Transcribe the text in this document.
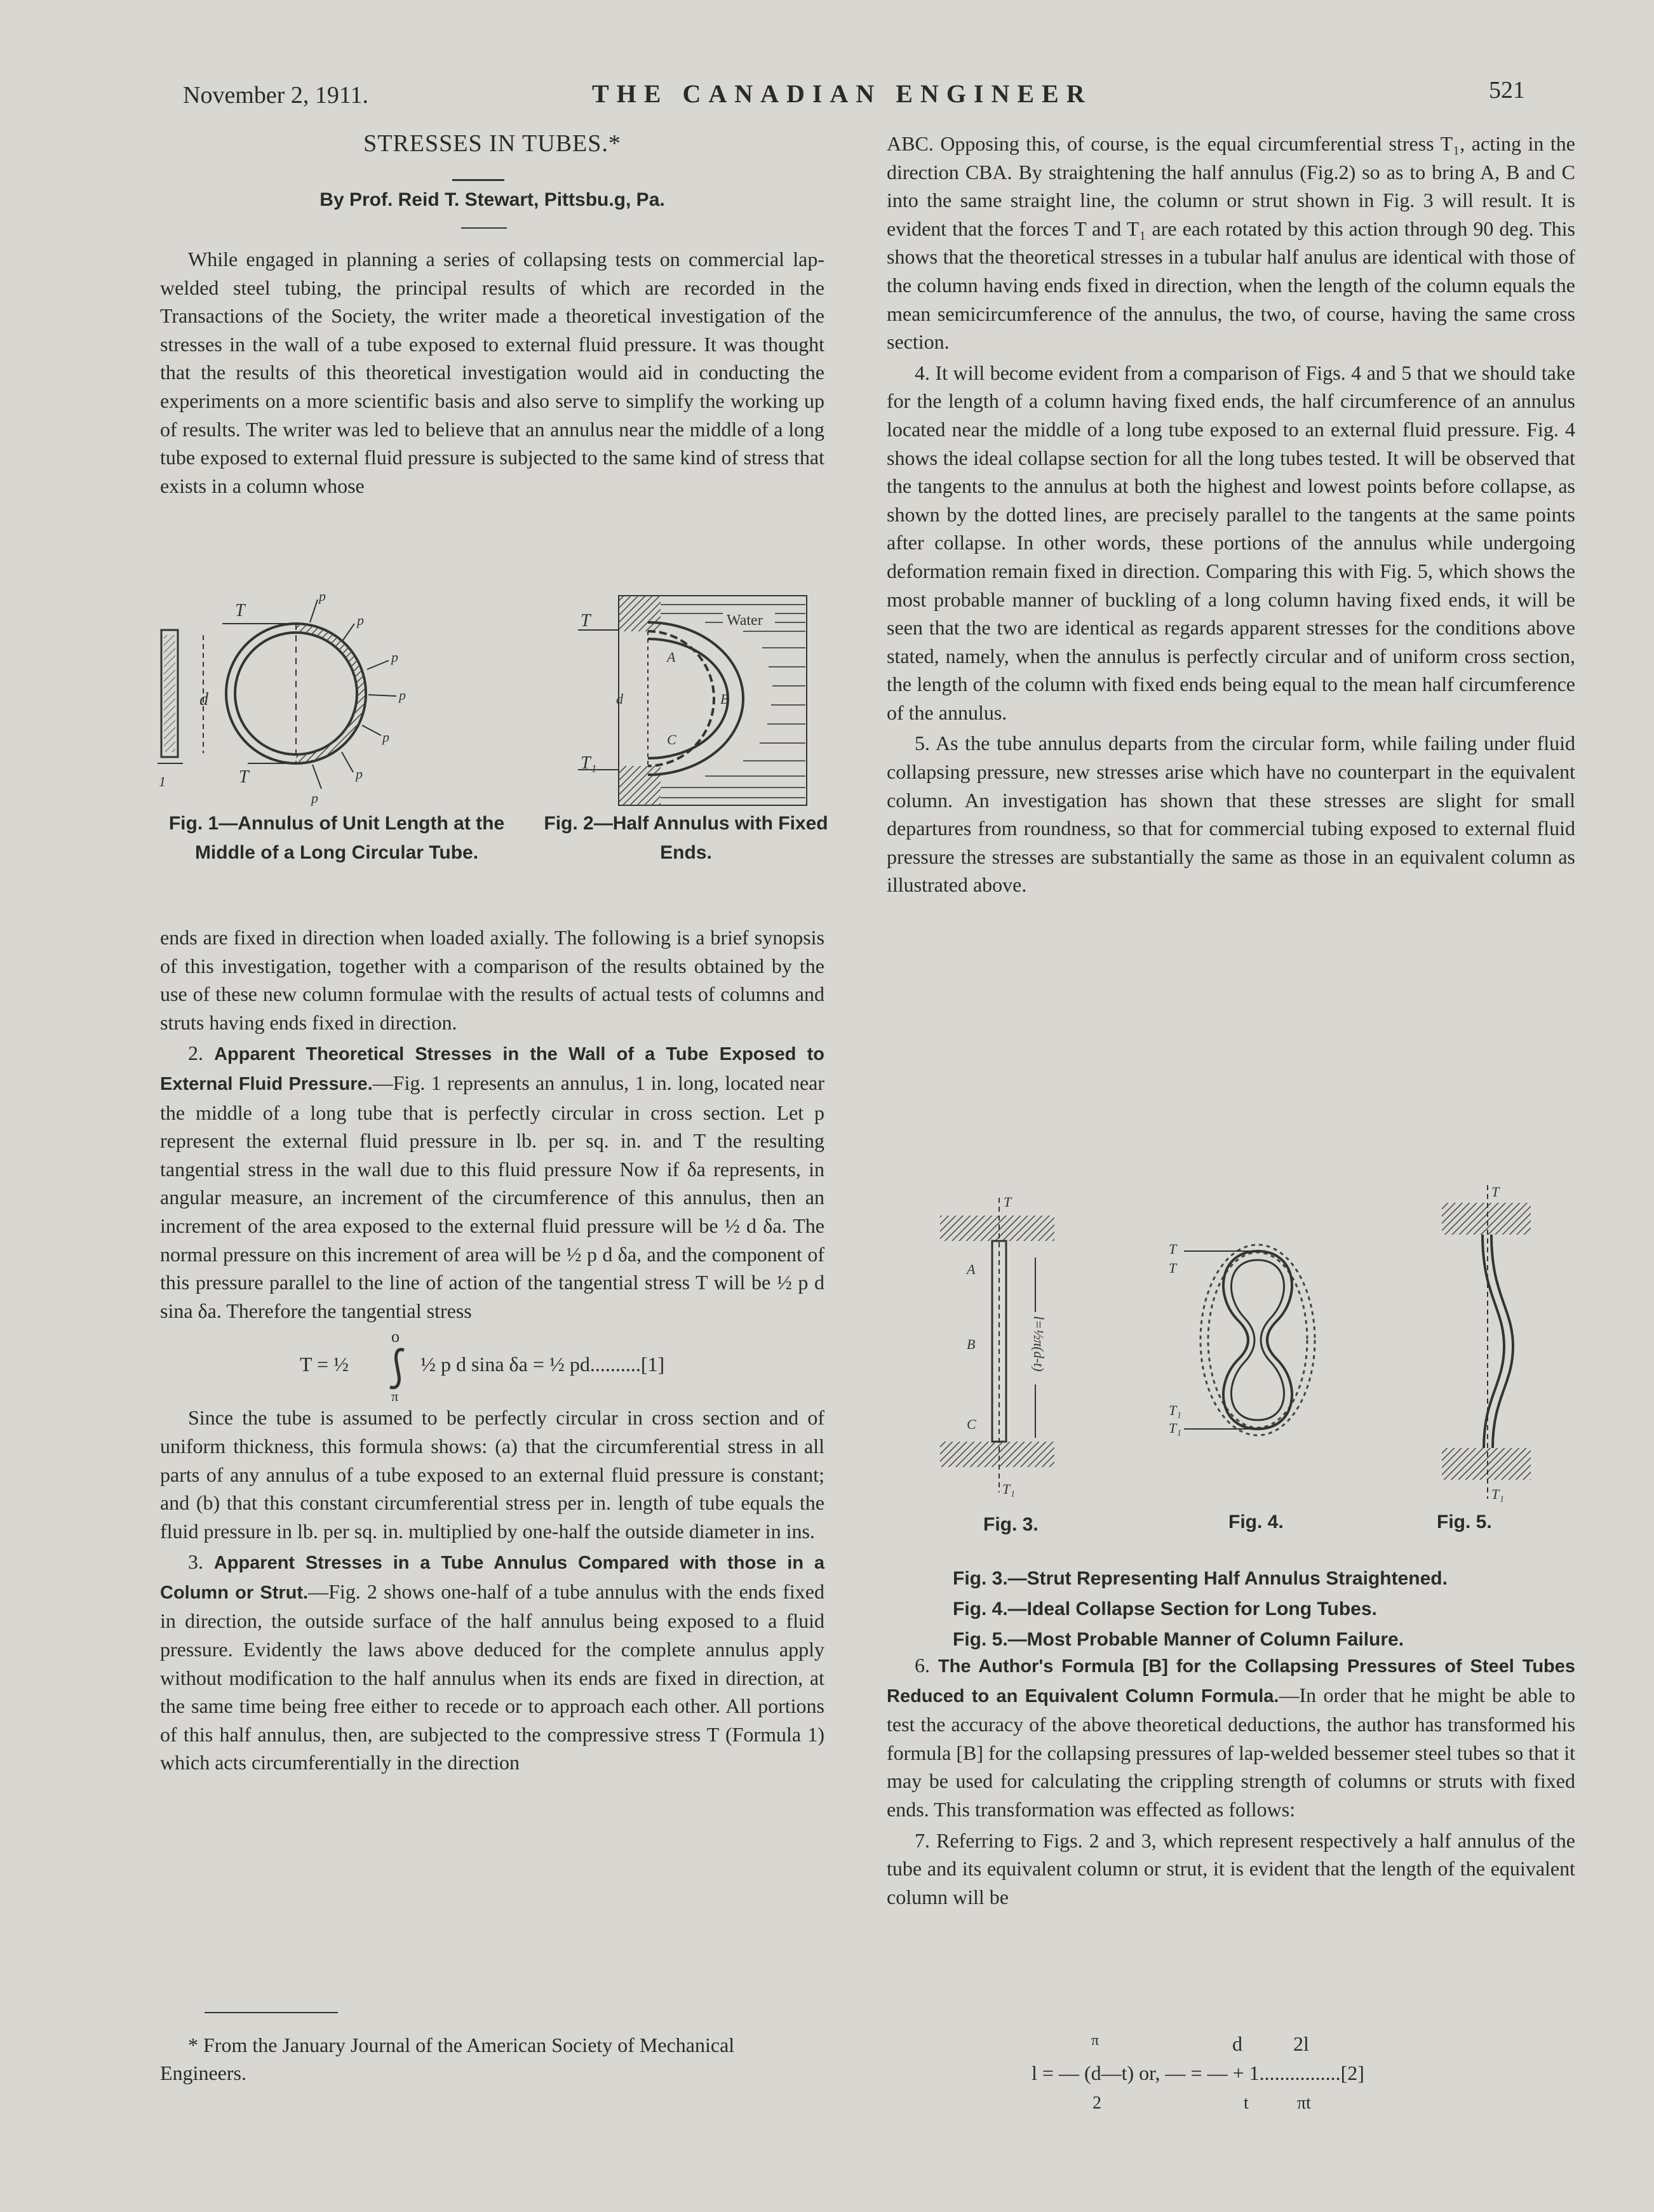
November 2, 1911.	THE CANADIAN ENGINEER	521
STRESSES IN TUBES.*
By Prof. Reid T. Stewart, Pittsbu.g, Pa.

While engaged in planning a series of collapsing tests on commercial lap-welded steel tubing, the principal results of which are recorded in the Transactions of the Society, the writer made a theoretical investigation of the stresses in the wall of a tube exposed to external fluid pressure. It was thought that the results of this theoretical investigation would aid in conducting the experiments on a more scientific basis and also serve to simplify the working up of results. The writer was led to believe that an annulus near the middle of a long tube exposed to external fluid pressure is subjected to the same kind of stress that exists in a column whose

1
d
T
T
p
p
p
p
p
p
p
Water
T
T₁
A
B
C
d
Fig. 1—Annulus of Unit Length at the Middle of a Long Circular Tube.
Fig. 2—Half Annulus with Fixed Ends.

ends are fixed in direction when loaded axially. The following is a brief synopsis of this investigation, together with a comparison of the results obtained by the use of these new column formulae with the results of actual tests of columns and struts having ends fixed in direction.

2. Apparent Theoretical Stresses in the Wall of a Tube Exposed to External Fluid Pressure.—Fig. 1 represents an annulus, 1 in. long, located near the middle of a long tube that is perfectly circular in cross section. Let p represent the external fluid pressure in lb. per sq. in. and T the resulting tangential stress in the wall due to this fluid pressure Now if δa represents, in angular measure, an increment of the circumference of this annulus, then an increment of the area exposed to the external fluid pressure will be ½ d δa. The normal pressure on this increment of area will be ½ p d δa, and the component of this pressure parallel to the line of action of the tangential stress T will be ½ p d sina δa. Therefore the tangential stress

T = ½
o
π
½ p d sina δa = ½ pd..........[1]

Since the tube is assumed to be perfectly circular in cross section and of uniform thickness, this formula shows: (a) that the circumferential stress in all parts of any annulus of a tube exposed to an external fluid pressure is constant; and (b) that this constant circumferential stress per in. length of tube equals the fluid pressure in lb. per sq. in. multiplied by one-half the outside diameter in ins.

3. Apparent Stresses in a Tube Annulus Compared with those in a Column or Strut.—Fig. 2 shows one-half of a tube annulus with the ends fixed in direction, the outside surface of the half annulus being exposed to a fluid pressure. Evidently the laws above deduced for the complete annulus apply without modification to the half annulus when its ends are fixed in direction, at the same time being free either to recede or to approach each other. All portions of this half annulus, then, are subjected to the compressive stress T (Formula 1) which acts circumferentially in the direction

* From the January Journal of the American Society of Mechanical Engineers.

ABC. Opposing this, of course, is the equal circumferential stress T₁, acting in the direction CBA. By straightening the half annulus (Fig.2) so as to bring A, B and C into the same straight line, the column or strut shown in Fig. 3 will result. It is evident that the forces T and T₁ are each rotated by this action through 90 deg. This shows that the theoretical stresses in a tubular half anulus are identical with those of the column having ends fixed in direction, when the length of the column equals the mean semicircumference of the annulus, the two, of course, having the same cross section.

4. It will become evident from a comparison of Figs. 4 and 5 that we should take for the length of a column having fixed ends, the half circumference of an annulus located near the middle of a long tube exposed to an external fluid pressure. Fig. 4 shows the ideal collapse section for all the long tubes tested. It will be observed that the tangents to the annulus at both the highest and lowest points before collapse, as shown by the dotted lines, are precisely parallel to the tangents at the same points after collapse. In other words, these portions of the annulus while undergoing deformation remain fixed in direction. Comparing this with Fig. 5, which shows the most probable manner of buckling of a long column having fixed ends, it will be seen that the two are identical as regards apparent stresses for the conditions above stated, namely, when the annulus is perfectly circular and of uniform cross section, the length of the column with fixed ends being equal to the mean half circumference of the annulus.

5. As the tube annulus departs from the circular form, while failing under fluid collapsing pressure, new stresses arise which have no counterpart in the equivalent column. An investigation has shown that these stresses are slight for small departures from roundness, so that for commercial tubing exposed to external fluid pressure the stresses are substantially the same as those in an equivalent column as illustrated above.

T
T₁
A
B
C
l=½π(d-t)
Fig. 3.
T
T
T₁
T₁
Fig. 4.
T
T₁
Fig. 5.
Fig. 3.—Strut Representing Half Annulus Straightened.
Fig. 4.—Ideal Collapse Section for Long Tubes.
Fig. 5.—Most Probable Manner of Column Failure.

6. The Author's Formula [B] for the Collapsing Pressures of Steel Tubes Reduced to an Equivalent Column Formula.—In order that he might be able to test the accuracy of the above theoretical deductions, the author has transformed his formula [B] for the collapsing pressures of lap-welded bessemer steel tubes so that it may be used for calculating the crippling strength of columns or struts with fixed ends. This transformation was effected as follows:

7. Referring to Figs. 2 and 3, which represent respectively a half annulus of the tube and its equivalent column or strut, it is evident that the length of the equivalent column will be

π	d	2l
l = — (d—t) or, — = — + 1................[2]
2	t	πt
